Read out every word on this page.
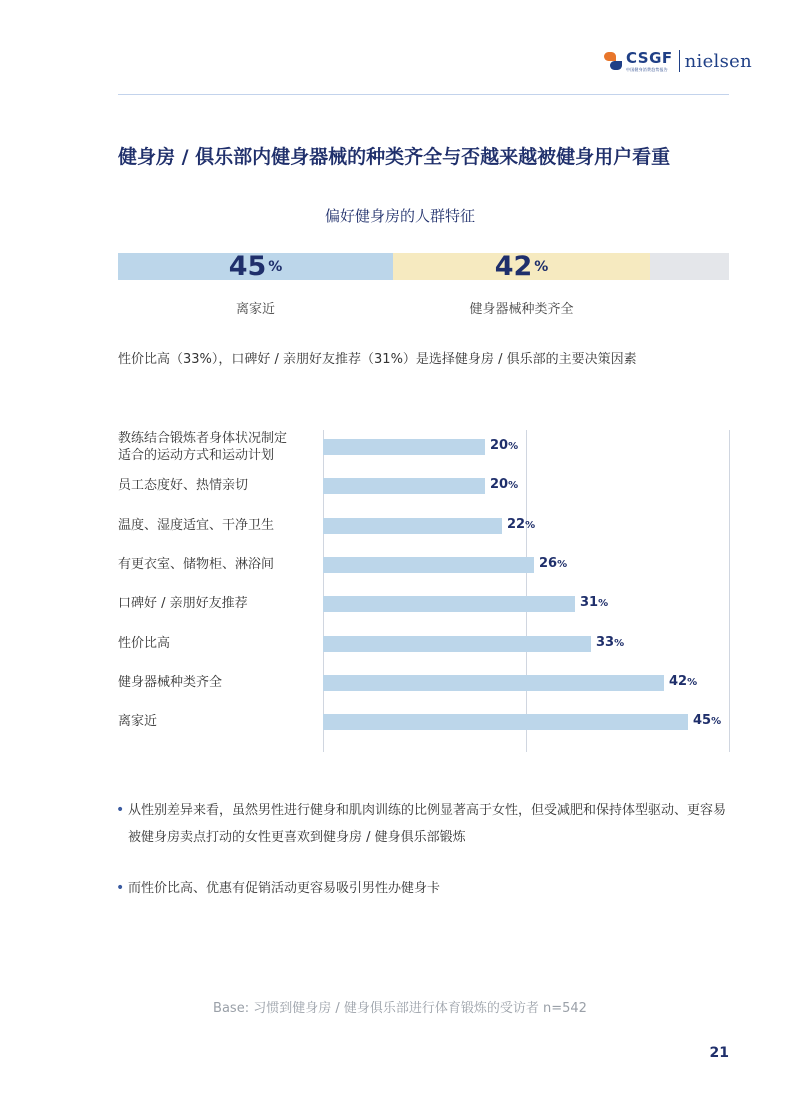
CSGF
中国健身消费趋势报告 nielsen
健身房 / 俱乐部内健身器械的种类齐全与否越来越被健身用户看重
偏好健身房的人群特征
45 %	42 %
离家近	健身器械种类齐全
性价比高（33%），口碑好 / 亲朋好友推荐（31%）是选择健身房 / 俱乐部的主要决策因素
教练结合锻炼者身体状况制定
适合的运动方式和运动计划
20%
员工态度好、热情亲切	20%
温度、湿度适宜、干净卫生	22%
有更衣室、储物柜、淋浴间	26%
口碑好 / 亲朋好友推荐	31%
性价比高	33%
健身器械种类齐全	42%
离家近	45%
• 从性别差异来看，虽然男性进行健身和肌肉训练的比例显著高于女性，但受减肥和保持体型驱动、更容易被健身房卖点打动的女性更喜欢到健身房 / 健身俱乐部锻炼
• 而性价比高、优惠有促销活动更容易吸引男性办健身卡
Base: 习惯到健身房 / 健身俱乐部进行体育锻炼的受访者 n=542
21
